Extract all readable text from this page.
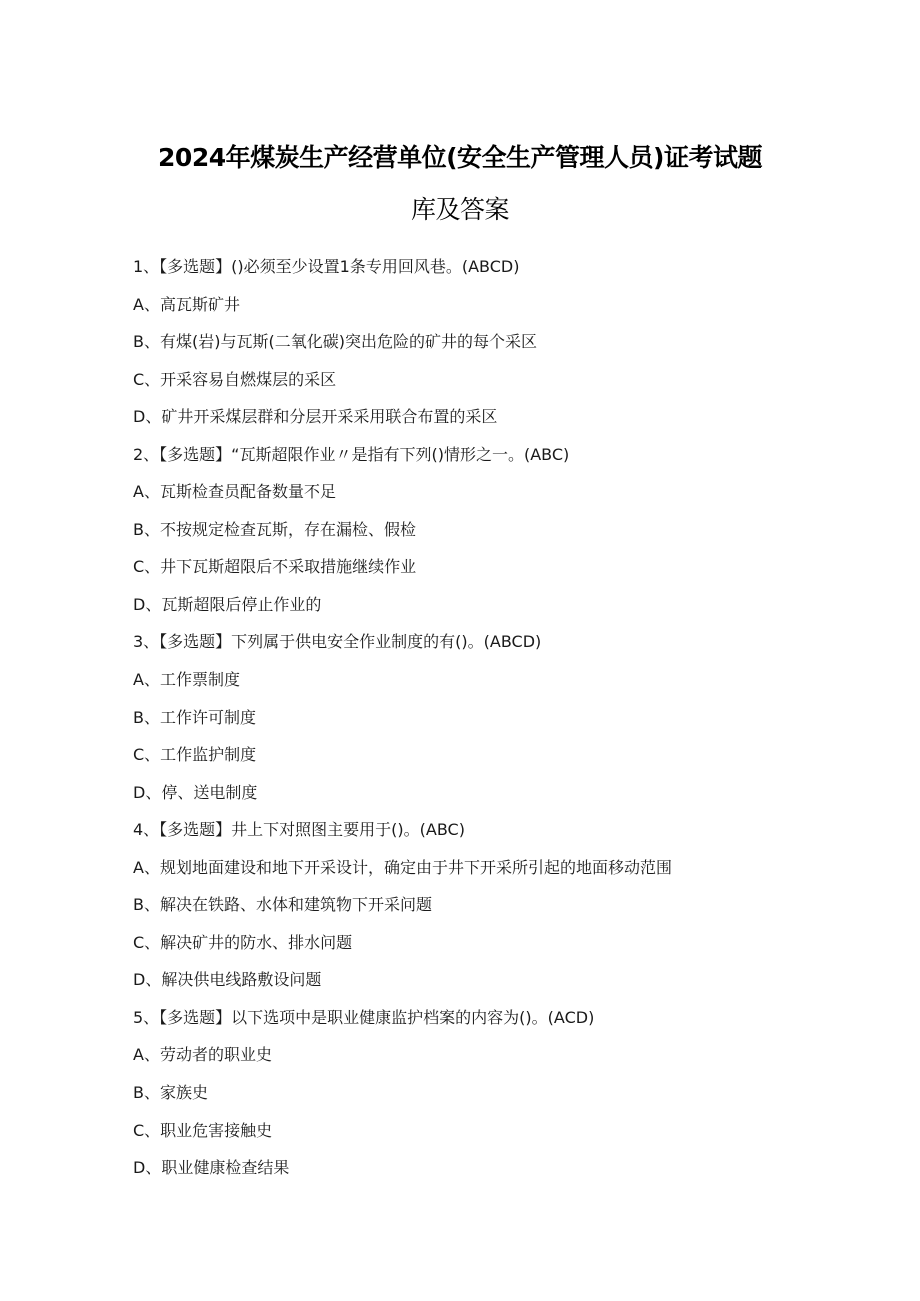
2024年煤炭生产经营单位(安全生产管理人员)证考试题
库及答案
1、【多选题】()必须至少设置1条专用回风巷。(ABCD)
A、高瓦斯矿井
B、有煤(岩)与瓦斯(二氧化碳)突出危险的矿井的每个采区
C、开采容易自燃煤层的采区
D、矿井开采煤层群和分层开采采用联合布置的采区
2、【多选题】“瓦斯超限作业〃是指有下列()情形之一。(ABC)
A、瓦斯检查员配备数量不足
B、不按规定检查瓦斯，存在漏检、假检
C、井下瓦斯超限后不采取措施继续作业
D、瓦斯超限后停止作业的
3、【多选题】下列属于供电安全作业制度的有()。(ABCD)
A、工作票制度
B、工作许可制度
C、工作监护制度
D、停、送电制度
4、【多选题】井上下对照图主要用于()。(ABC)
A、规划地面建设和地下开采设计，确定由于井下开采所引起的地面移动范围
B、解决在铁路、水体和建筑物下开采问题
C、解决矿井的防水、排水问题
D、解决供电线路敷设问题
5、【多选题】以下选项中是职业健康监护档案的内容为()。(ACD)
A、劳动者的职业史
B、家族史
C、职业危害接触史
D、职业健康检查结果
